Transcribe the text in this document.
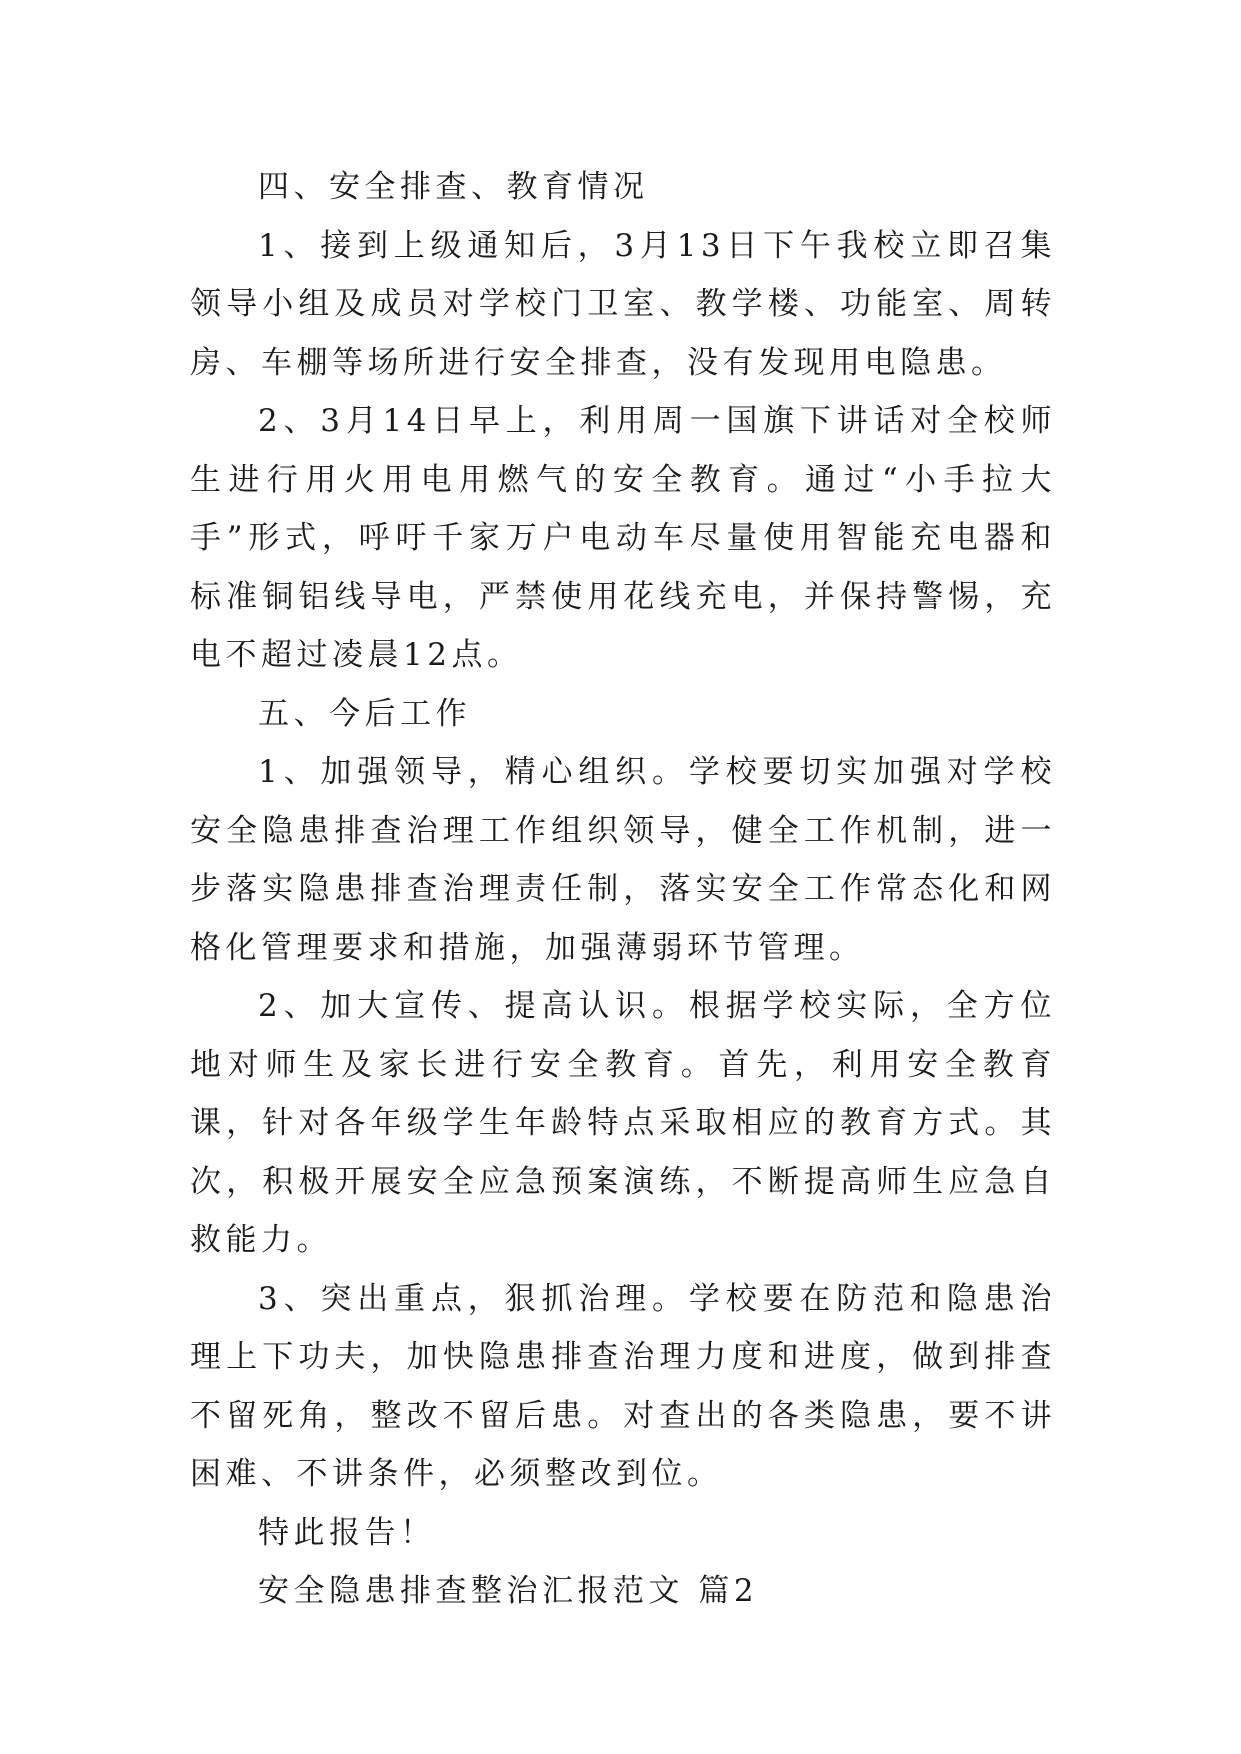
四、安全排查、教育情况

1、接到上级通知后，3月13日下午我校立即召集领导小组及成员对学校门卫室、教学楼、功能室、周转房、车棚等场所进行安全排查，没有发现用电隐患。

2、3月14日早上，利用周一国旗下讲话对全校师生进行用火用电用燃气的安全教育。通过“小手拉大手”形式，呼吁千家万户电动车尽量使用智能充电器和标准铜铝线导电，严禁使用花线充电，并保持警惕，充电不超过凌晨12点。

五、今后工作

1、加强领导，精心组织。学校要切实加强对学校安全隐患排查治理工作组织领导，健全工作机制，进一步落实隐患排查治理责任制，落实安全工作常态化和网格化管理要求和措施，加强薄弱环节管理。

2、加大宣传、提高认识。根据学校实际，全方位地对师生及家长进行安全教育。首先，利用安全教育课，针对各年级学生年龄特点采取相应的教育方式。其次，积极开展安全应急预案演练，不断提高师生应急自救能力。

3、突出重点，狠抓治理。学校要在防范和隐患治理上下功夫，加快隐患排查治理力度和进度，做到排查不留死角，整改不留后患。对查出的各类隐患，要不讲困难、不讲条件，必须整改到位。

特此报告！

安全隐患排查整治汇报范文 篇2
